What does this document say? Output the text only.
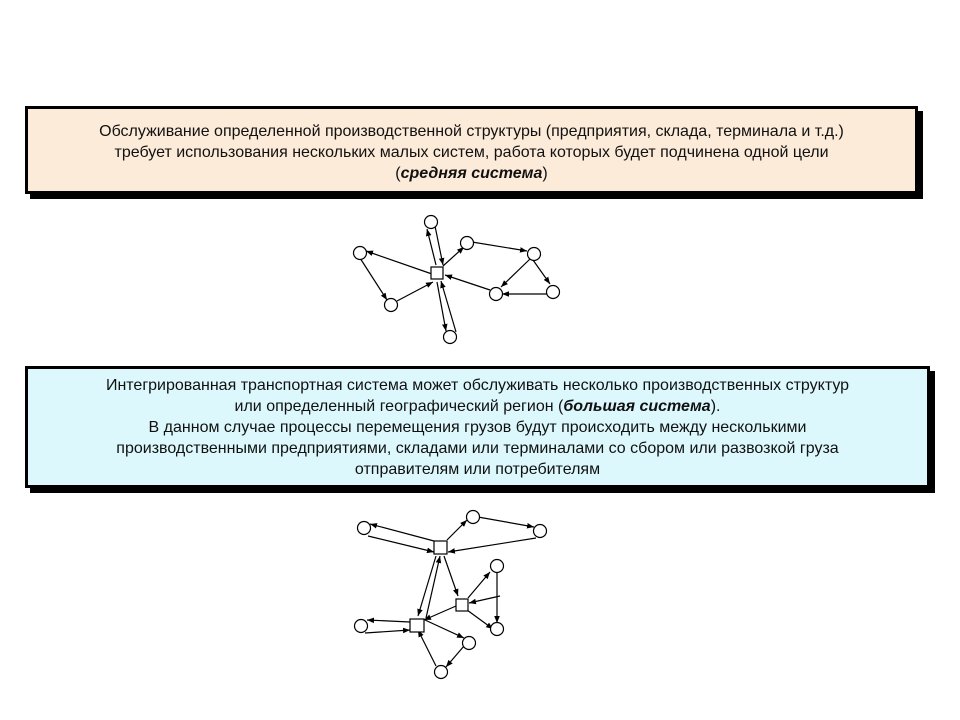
Обслуживание определенной производственной структуры (предприятия, склада, терминала и т.д.)

требует использования нескольких малых систем, работа которых будет подчинена одной цели

(средняя система)

Интегрированная транспортная система может обслуживать несколько производственных структур

или определенный географический регион (большая система).

В данном случае процессы перемещения грузов будут происходить между несколькими

производственными предприятиями, складами или терминалами со сбором или развозкой груза

отправителям или потребителям
